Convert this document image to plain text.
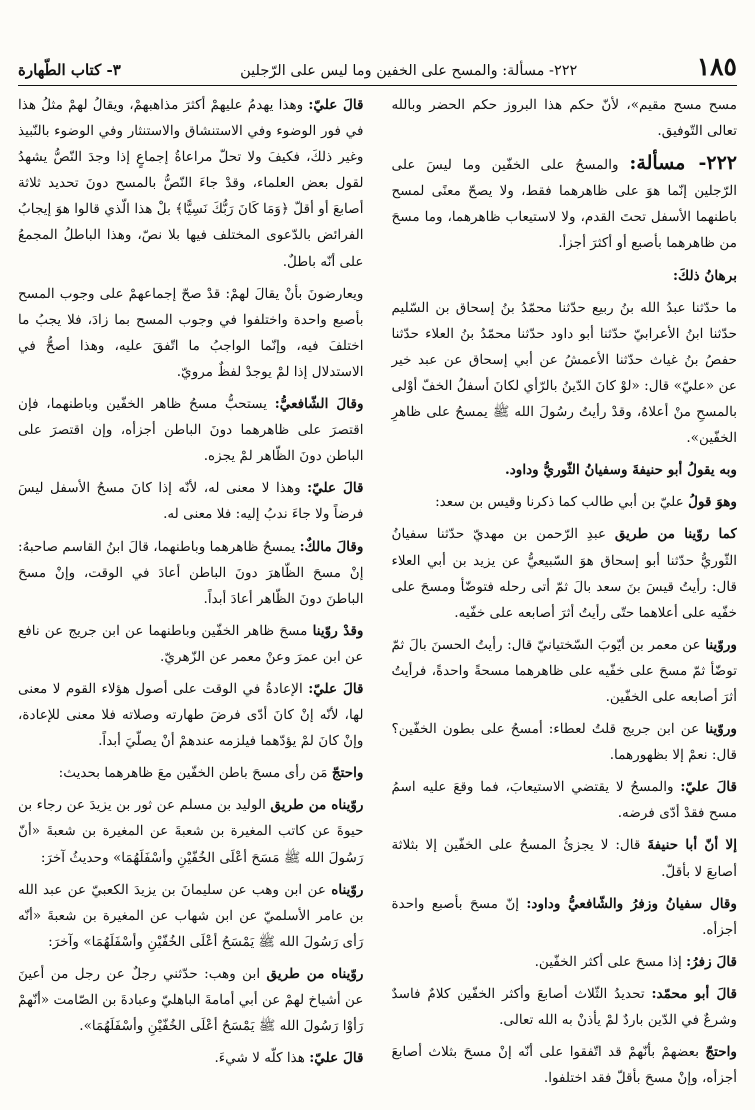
١٨٥
٢٢٢- مسألة: والمسح على الخفين وما ليس على الرّجلين
٣- كتاب الطّهارة

مسح مسح مقيم»، لأنّ حكم هذا البروز حكم الحضر وبالله تعالى التّوفيق.

٢٢٢- مسألة: والمسحُ على الخفّين وما ليسَ على الرّجلين إنّما هوَ على ظاهرهما فقط، ولا يصحّ معنًى لمسح باطنهما الأسفل تحتَ القدم، ولا لاستيعاب ظاهرهما، وما مسحَ من ظاهرهما بأصبع أو أكثرَ أجزأ.

برهانُ ذلكَ:

ما حدّثنا عبدُ الله بنُ ربيع حدّثنا محمّدُ بنُ إسحاق بن السّليم حدّثنا ابنُ الأعرابيّ حدّثنا أبو داود حدّثنا محمّدُ بنُ العلاء حدّثنا حفصُ بنُ غياث حدّثنا الأعمشُ عن أبي إسحاق عن عبد خير عن «عليّ» قال: «لوْ كانَ الدّينُ بالرّأي لكانَ أسفلُ الخفّ أوْلى بالمسحِ منْ أعلاهُ، وقدْ رأيتُ رسُولَ الله ﷺ يمسحُ على ظاهرِ الخفّين».

وبه يقولُ أبو حنيفةَ وسفيانُ الثّوريُّ وداود.

وهوَ قولُ عليّ بن أبي طالب كما ذكرنا وقيس بن سعد:

كما روّينا من طريق عبدِ الرّحمن بن مهديّ حدّثنا سفيانُ الثّوريُّ حدّثنا أبو إسحاق هوَ السّبيعيُّ عن يزيد بن أبي العلاء قال: رأيتُ قيسَ بنَ سعد بالَ ثمّ أتى رحله فتوضّأ ومسحَ على خفّيه على أعلاهما حتّى رأيتُ أثرَ أصابعه على خفّيه.

وروّينا عن معمر بن أيّوبَ السّختيانيّ قال: رأيتُ الحسنَ بالَ ثمّ توضّأ ثمّ مسحَ على خفّيه على ظاهرهما مسحةً واحدةً، فرأيتُ أثرَ أصابعه على الخفّين.

وروّينا عن ابن جريج قلتُ لعطاء: أمسحُ على بطون الخفّين؟ قال: نعمْ إلا بظهورهما.

قالَ عليّ: والمسحُ لا يقتضي الاستيعابَ، فما وقعَ عليه اسمُ مسح فقدْ أدّى فرضه.

إلا أنّ أبا حنيفةَ قال: لا يجزئُ المسحُ على الخفّين إلا بثلاثة أصابعَ لا بأقلّ.

وقال سفيانُ وزفرُ والشّافعيُّ وداود: إنّ مسحَ بأصبع واحدة أجزأه.

قالَ زفرُ: إذا مسحَ على أكثر الخفّين.

قالَ أبو محمّد: تحديدُ الثّلاث أصابعَ وأكثر الخفّين كلامٌ فاسدٌ وشرعٌ في الدّين باردٌ لمْ يأذنْ به الله تعالى.

واحتجّ بعضهمْ بأنّهمْ قد اتّفقوا على أنّه إنْ مسحَ بثلاث أصابعَ أجزأه، وإنْ مسحَ بأقلّ فقد اختلفوا.

قالَ عليّ: وهذا يهدمُ عليهمْ أكثرَ مذاهبهمْ، ويقالُ لهمْ مثلُ هذا في فور الوضوء وفي الاستنشاق والاستنثار وفي الوضوء بالنّبيذ وغير ذلكَ، فكيفَ ولا تحلّ مراعاةُ إجماعٍ إذا وجدَ النّصُّ يشهدُ لقول بعض العلماء، وقدْ جاءَ النّصُّ بالمسح دونَ تحديد ثلاثة أصابعَ أو أقلّ ﴿وَمَا كَانَ رَبُّكَ نَسِيًّا﴾ بلْ هذا الّذي قالوا هوَ إيجابُ الفرائض بالدّعوى المختلف فيها بلا نصّ، وهذا الباطلُ المجمعُ على أنّه باطلٌ.

ويعارضونَ بأنْ يقالَ لهمْ: قدْ صحّ إجماعهمْ على وجوب المسح بأصبع واحدة واختلفوا في وجوب المسح بما زادَ، فلا يجبُ ما اختلفَ فيه، وإنّما الواجبُ ما اتّفقَ عليه، وهذا أصحُّ في الاستدلال إذا لمْ يوجدْ لفظٌ مرويّ.

وقالَ الشّافعيُّ: يستحبُّ مسحُ ظاهر الخفّين وباطنهما، فإن اقتصرَ على ظاهرهما دونَ الباطن أجزأه، وإن اقتصرَ على الباطن دونَ الظّاهر لمْ يجزه.

قالَ عليّ: وهذا لا معنى له، لأنّه إذا كانَ مسحُ الأسفل ليسَ فرضاً ولا جاءَ ندبُ إليه: فلا معنى له.

وقالَ مالكٌ: يمسحُ ظاهرهما وباطنهما، قالَ ابنُ القاسم صاحبهُ: إنْ مسحَ الظّاهرَ دونَ الباطن أعادَ في الوقت، وإنْ مسحَ الباطنَ دونَ الظّاهر أعادَ أبداً.

وقدْ روّينا مسحَ ظاهر الخفّين وباطنهما عن ابن جريج عن نافع عن ابن عمرَ وعنْ معمر عن الزّهريّ.

قالَ عليّ: الإعادةُ في الوقت على أصول هؤلاء القوم لا معنى لها، لأنّه إنْ كانَ أدّى فرضَ طهارته وصلاته فلا معنى للإعادة، وإنْ كانَ لمْ يؤدّهما فيلزمه عندهمْ أنْ يصلّيَ أبداً.

واحتجّ مَن رأى مسحَ باطن الخفّين معَ ظاهرهما بحديث:

روّيناه من طريق الوليد بن مسلم عن ثور بن يزيدَ عن رجاء بن حيوةَ عن كاتب المغيرة بن شعبةَ عن المغيرة بن شعبةَ «أنّ رَسُولَ الله ﷺ مَسَحَ أعْلَى الخُفّيْنِ وأسْفَلَهُمَا» وحديثُ آخرَ:

روّيناه عن ابن وهب عن سليمانَ بن يزيدَ الكعبيّ عن عبد الله بن عامر الأسلميّ عن ابن شهاب عن المغيرة بن شعبةَ «أنّه رَأى رَسُولَ الله ﷺ يَمْسَحُ أعْلَى الخُفّيْنِ وأسْفَلَهُمَا» وآخرَ:

روّيناه من طريق ابن وهب: حدّثني رجلٌ عن رجل من أعينَ عن أشياخ لهمْ عن أبي أمامةَ الباهليّ وعبادةَ بن الصّامت «أنّهمْ رَأوْا رَسُولَ الله ﷺ يَمْسَحُ أعْلَى الخُفّيْنِ وأسْفَلَهُمَا».

قالَ عليّ: هذا كلّه لا شيءَ.
